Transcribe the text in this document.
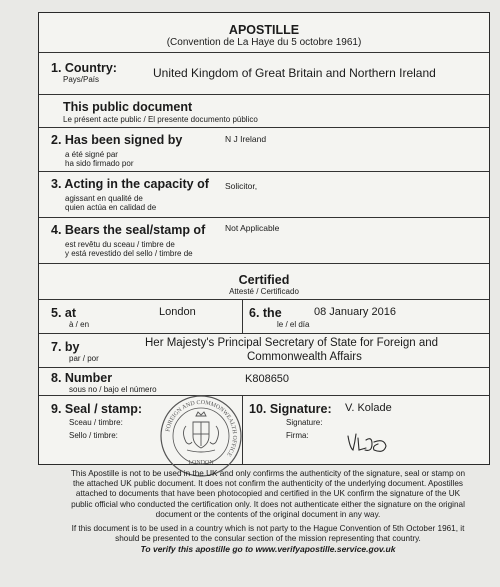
APOSTILLE
(Convention de La Haye du 5 octobre 1961)
1. Country:
Pays/País	United Kingdom of Great Britain and Northern Ireland
This public document
Le présent acte public / El presente documento público
2. Has been signed by
a été signé par
ha sido firmado por
N J Ireland
3. Acting in the capacity of
agissant en qualité de
quien actúa en calidad de
Solicitor,
4. Bears the seal/stamp of
est revêtu du sceau / timbre de
y está revestido del sello / timbre de
Not Applicable
Certified
Attesté / Certificado
5. at
à / en
London	6. the
le / el día
08 January 2016
7. by
par / por
Her Majesty's Principal Secretary of State for Foreign and
Commonwealth Affairs
8. Number
sous no / bajo el número
K808650
9. Seal / stamp:
Sceau / timbre:
Sello / timbre:
FOREIGN AND COMMONWEALTH OFFICE
LONDON
10. Signature: V. Kolade
Signature:
Firma:

This Apostille is not to be used in the UK and only confirms the authenticity of the signature, seal or stamp on

the attached UK public document. It does not confirm the authenticity of the underlying document. Apostilles

attached to documents that have been photocopied and certified in the UK confirm the signature of the UK

public official who conducted the certification only. It does not authenticate either the signature on the original

document or the contents of the original document in any way.

If this document is to be used in a country which is not party to the Hague Convention of 5th October 1961, it

should be presented to the consular section of the mission representing that country.

To verify this apostille go to www.verifyapostille.service.gov.uk
